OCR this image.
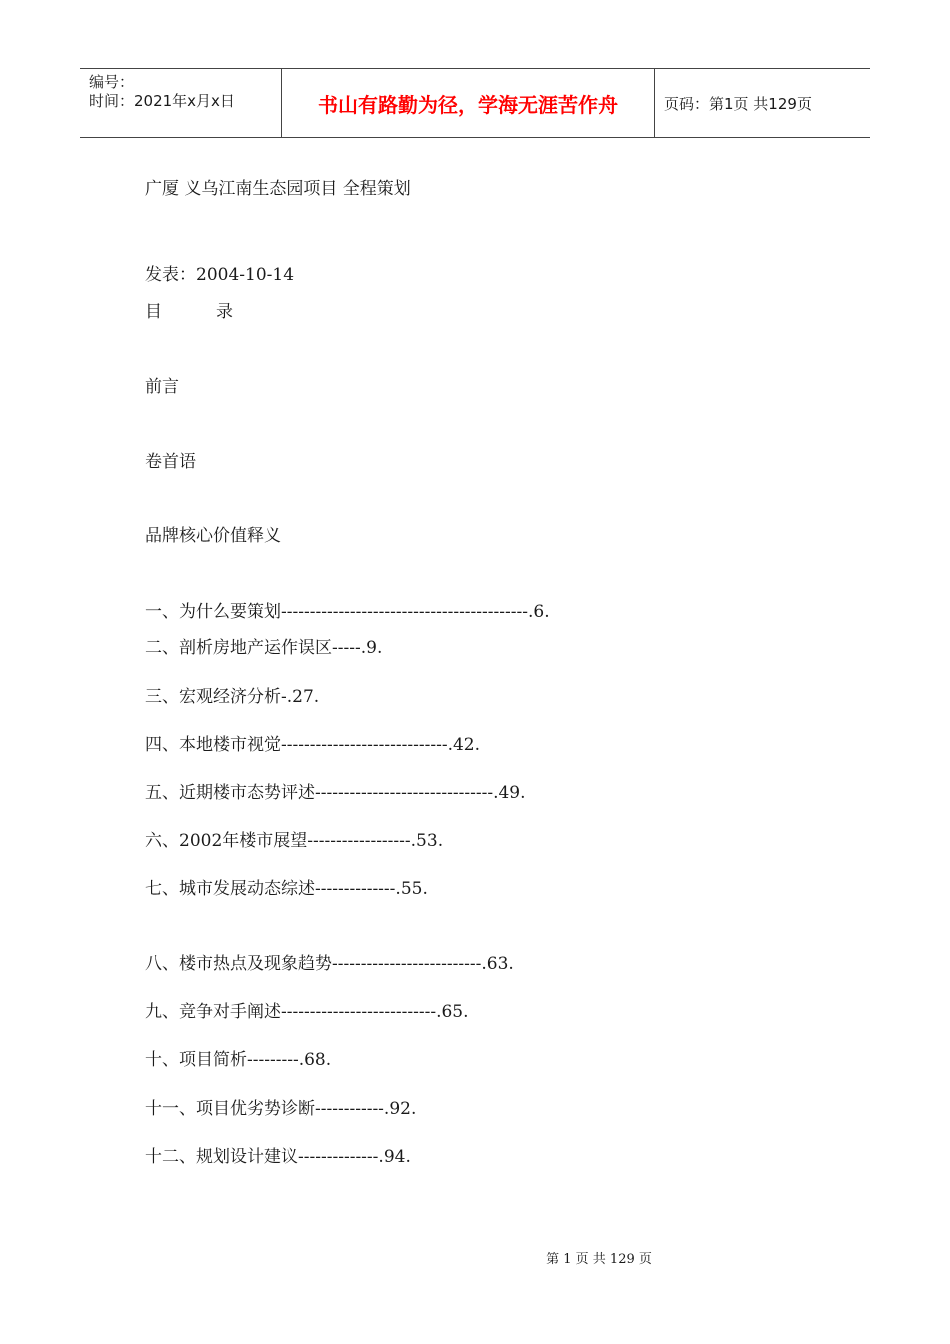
编号：
时间：2021年x月x日	书山有路勤为径，学海无涯苦作舟	页码：第1页 共129页
广厦 义乌江南生态园项目 全程策划
发表：2004-10-14
目          录
前言
卷首语
品牌核心价值释义
一、为什么要策划-------------------------------------------.6.
二、剖析房地产运作误区-----.9.
三、宏观经济分析-.27.
四、本地楼市视觉-----------------------------.42.
五、近期楼市态势评述-------------------------------.49.
六、2002年楼市展望------------------.53.
七、城市发展动态综述--------------.55.
八、楼市热点及现象趋势--------------------------.63.
九、竞争对手阐述---------------------------.65.
十、项目简析---------.68.
十一、项目优劣势诊断------------.92.
十二、规划设计建议--------------.94.
第 1 页 共 129 页
